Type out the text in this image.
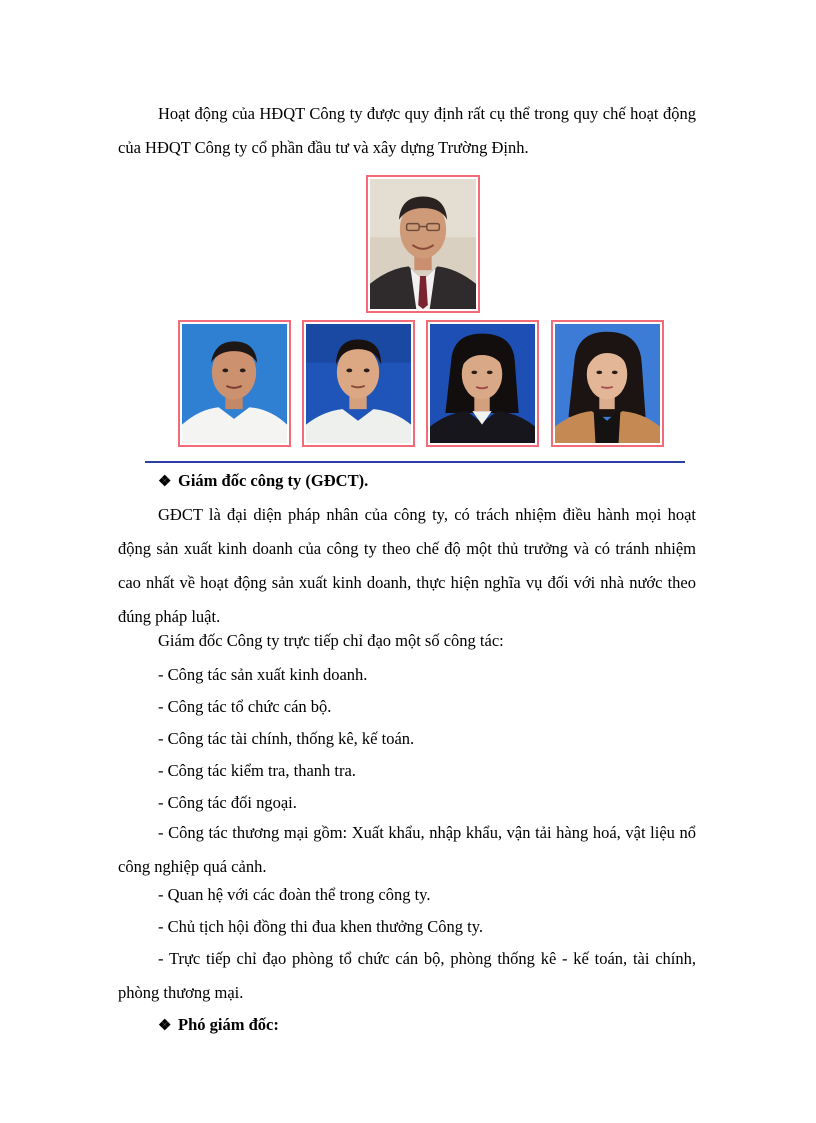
Hoạt động của HĐQT Công ty được quy định rất cụ thể trong quy chế hoạt động của HĐQT Công ty cổ phần đầu tư và xây dựng Trường Định.

❖ Giám đốc công ty (GĐCT).

GĐCT là đại diện pháp nhân của công ty, có trách nhiệm điều hành mọi hoạt động sản xuất kinh doanh của công ty theo chế độ một thủ trưởng và có tránh nhiệm cao nhất về hoạt động sản xuất kinh doanh, thực hiện nghĩa vụ đối với nhà nước theo đúng pháp luật.

Giám đốc Công ty trực tiếp chỉ đạo một số công tác:

- Công tác sản xuất kinh doanh.

- Công tác tổ chức cán bộ.

- Công tác tài chính, thống kê, kế toán.

- Công tác kiểm tra, thanh tra.

- Công tác đối ngoại.

- Công tác thương mại gồm: Xuất khẩu, nhập khẩu, vận tải hàng hoá, vật liệu nổ công nghiệp quá cảnh.

- Quan hệ với các đoàn thể trong công ty.

- Chủ tịch hội đồng thi đua khen thưởng Công ty.

- Trực tiếp chỉ đạo phòng tổ chức cán bộ, phòng thống kê - kế toán, tài chính, phòng thương mại.

❖ Phó giám đốc:
